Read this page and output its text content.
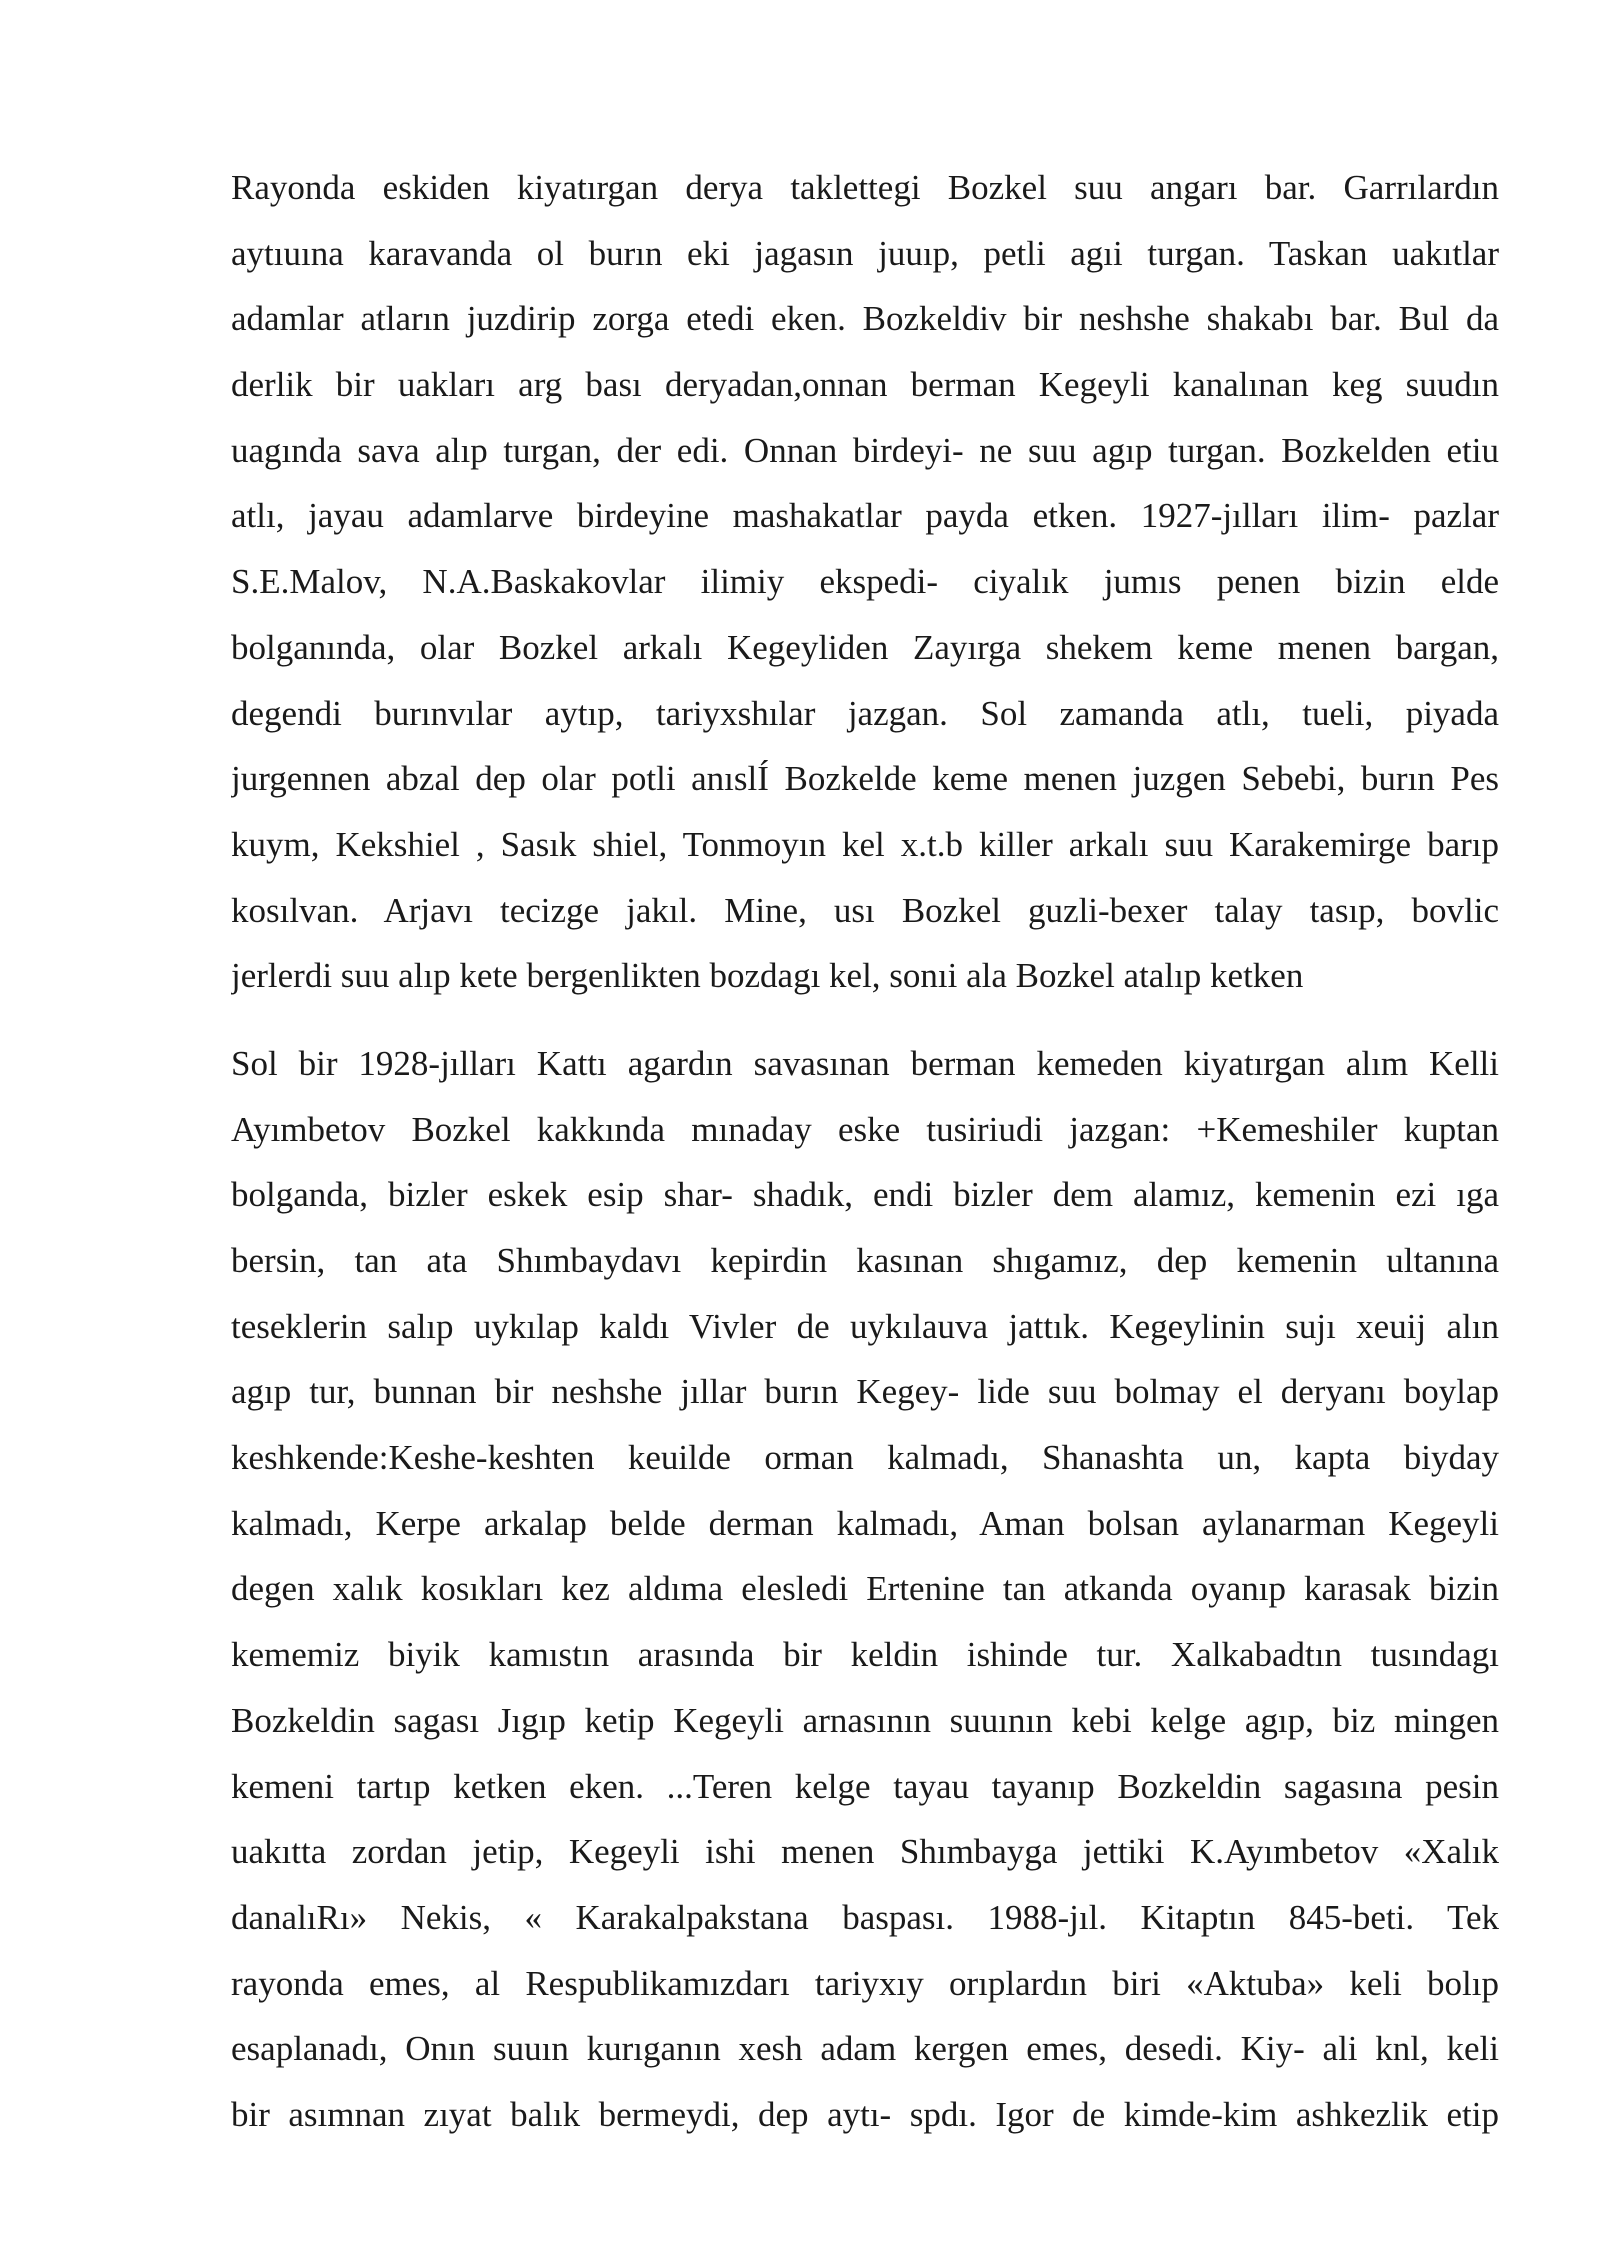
Rayonda eskiden kiyatırgan derya taklettegi Bozkel suu angarı bar. Garrılardın
aytıuına karavanda ol burın eki jagasın juuıp, petli agıi turgan. Taskan uakıtlar
adamlar atların juzdirip zorga etedi eken. Bozkeldiv bir neshshe shakabı bar. Bul da
derlik bir uakları arg bası deryadan,onnan berman Kegeyli kanalınan keg suudın
uagında sava alıp turgan, der edi. Onnan birdeyi- ne suu agıp turgan. Bozkelden etiu
atlı, jayau adamlarve birdeyine mashakatlar payda etken. 1927-jılları ilim- pazlar
S.E.Malov, N.A.Baskakovlar ilimiy ekspedi- ciyalık jumıs penen bizin elde
bolganında, olar Bozkel arkalı Kegeyliden Zayırga shekem keme menen bargan,
degendi burınvılar aytıp, tariyxshılar jazgan. Sol zamanda atlı, tueli, piyada
jurgennen abzal dep olar potli anıslÍ Bozkelde keme menen juzgen Sebebi, burın Pes
kuym, Kekshiel , Sasık shiel, Tonmoyın kel x.t.b killer arkalı suu Karakemirge barıp
kosılvan. Arjavı tecizge jakıl. Mine, usı Bozkel guzli-bexer talay tasıp, bovlic
jerlerdi suu alıp kete bergenlikten bozdagı kel, sonıi ala Bozkel atalıp ketken
Sol bir 1928-jılları Kattı agardın savasınan berman kemeden kiyatırgan alım Kelli
Ayımbetov Bozkel kakkında mınaday eske tusiriudi jazgan: +Kemeshiler kuptan
bolganda, bizler eskek esip shar- shadık, endi bizler dem alamız, kemenin ezi ıga
bersin, tan ata Shımbaydavı kepirdin kasınan shıgamız, dep kemenin ultanına
teseklerin salıp uykılap kaldı Vivler de uykılauva jattık. Kegeylinin sujı xeuij alın
agıp tur, bunnan bir neshshe jıllar burın Kegey- lide suu bolmay el deryanı boylap
keshkende:Keshe-keshten keuilde orman kalmadı, Shanashta un, kapta biyday
kalmadı, Kerpe arkalap belde derman kalmadı, Aman bolsan aylanarman Kegeyli
degen xalık kosıkları kez aldıma elesledi Ertenine tan atkanda oyanıp karasak bizin
kememiz biyik kamıstın arasında bir keldin ishinde tur. Xalkabadtın tusındagı
Bozkeldin sagası Jıgıp ketip Kegeyli arnasının suuının kebi kelge agıp, biz mingen
kemeni tartıp ketken eken. ...Teren kelge tayau tayanıp Bozkeldin sagasına pesin
uakıtta zordan jetip, Kegeyli ishi menen Shımbayga jettiki K.Ayımbetov «Xalık
danalıRı» Nekis, « Karakalpakstana baspası. 1988-jıl. Kitaptın 845-beti. Tek
rayonda emes, al Respublikamızdarı tariyxıy orıplardın biri «Aktuba» keli bolıp
esaplanadı, Onın suuın kurıganın xesh adam kergen emes, desedi. Kiy- ali knl, keli
bir asımnan zıyat balık bermeydi, dep aytı- spdı. Igor de kimde-kim ashkezlik etip
